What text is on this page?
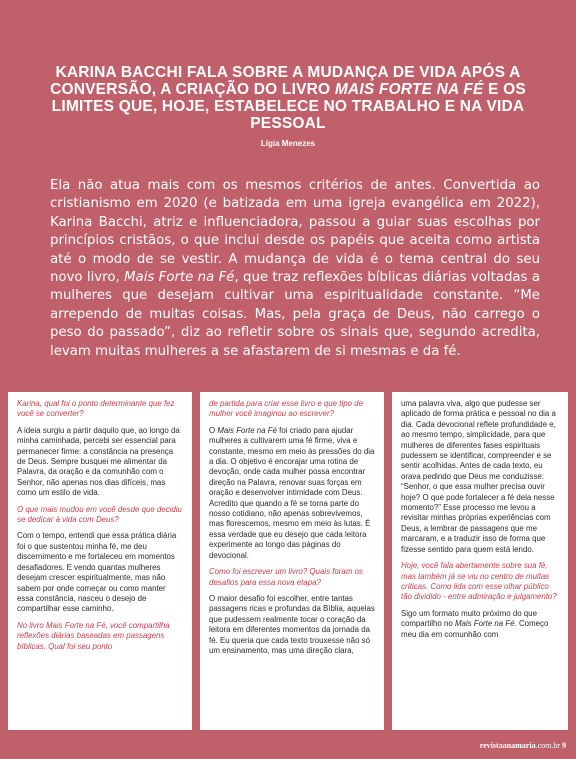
KARINA BACCHI FALA SOBRE A MUDANÇA DE VIDA APÓS A CONVERSÃO, A CRIAÇÃO DO LIVRO MAIS FORTE NA FÉ E OS LIMITES QUE, HOJE, ESTABELECE NO TRABALHO E NA VIDA PESSOAL
Lígia Menezes

Ela não atua mais com os mesmos critérios de antes. Convertida ao cristianismo em 2020 (e batizada em uma igreja evangélica em 2022), Karina Bacchi, atriz e influenciadora, passou a guiar suas escolhas por princípios cristãos, o que inclui desde os papéis que aceita como artista até o modo de se vestir. A mudança de vida é o tema central do seu novo livro, Mais Forte na Fé, que traz reflexões bíblicas diárias voltadas a mulheres que desejam cultivar uma espiritualidade constante. “Me arrependo de muitas coisas. Mas, pela graça de Deus, não carrego o peso do passado”, diz ao refletir sobre os sinais que, segundo acredita, levam muitas mulheres a se afastarem de si mesmas e da fé.

Karina, qual foi o ponto determinante que fez você se converter?

A ideia surgiu a partir daquilo que, ao longo da minha caminhada, percebi ser essencial para permanecer firme: a constância na presença de Deus. Sempre busquei me alimentar da Palavra, da oração e da comunhão com o Senhor, não apenas nos dias difíceis, mas como um estilo de vida.

O que mais mudou em você desde que decidiu se dedicar à vida com Deus?

Com o tempo, entendi que essa prática diária foi o que sustentou minha fé, me deu discernimento e me fortaleceu em momentos desafiadores. E vendo quantas mulheres desejam crescer espiritualmente, mas não sabem por onde começar ou como manter essa constância, nasceu o desejo de compartilhar esse caminho.

No livro Mais Forte na Fé, você compartilha reflexões diárias baseadas em passagens bíblicas. Qual foi seu ponto

de partida para criar esse livro e que tipo de mulher você imaginou ao escrever?

O Mais Forte na Fé foi criado para ajudar mulheres a cultivarem uma fé firme, viva e constante, mesmo em meio às pressões do dia a dia. O objetivo é encorajar uma rotina de devoção, onde cada mulher possa encontrar direção na Palavra, renovar suas forças em oração e desenvolver intimidade com Deus. Acredito que quando a fé se torna parte do nosso cotidiano, não apenas sobrevivemos, mas florescemos, mesmo em meio às lutas. É essa verdade que eu desejo que cada leitora experimente ao longo das páginas do devocional.

Como foi escrever um livro? Quais foram os desafios para essa nova etapa?

O maior desafio foi escolher, entre tantas passagens ricas e profundas da Bíblia, aquelas que pudessem realmente tocar o coração da leitora em diferentes momentos da jornada da fé. Eu queria que cada texto trouxesse não só um ensinamento, mas uma direção clara,

uma palavra viva, algo que pudesse ser aplicado de forma prática e pessoal no dia a dia. Cada devocional reflete profundidade e, ao mesmo tempo, simplicidade, para que mulheres de diferentes fases espirituais pudessem se identificar, compreender e se sentir acolhidas. Antes de cada texto, eu orava pedindo que Deus me conduzisse: “Senhor, o que essa mulher precisa ouvir hoje? O que pode fortalecer a fé dela nesse momento?” Esse processo me levou a revisitar minhas próprias experiências com Deus, a lembrar de passagens que me marcaram, e a traduzir isso de forma que fizesse sentido para quem está lendo.

Hoje, você fala abertamente sobre sua fé, mas também já se viu no centro de muitas críticas. Como lida com esse olhar público tão dividido - entre admiração e julgamento?

Sigo um formato muito próximo do que compartilho no Mais Forte na Fé. Começo meu dia em comunhão com	FOTO: DIVULGAÇÃO
revistaanamaria.com.br 9
